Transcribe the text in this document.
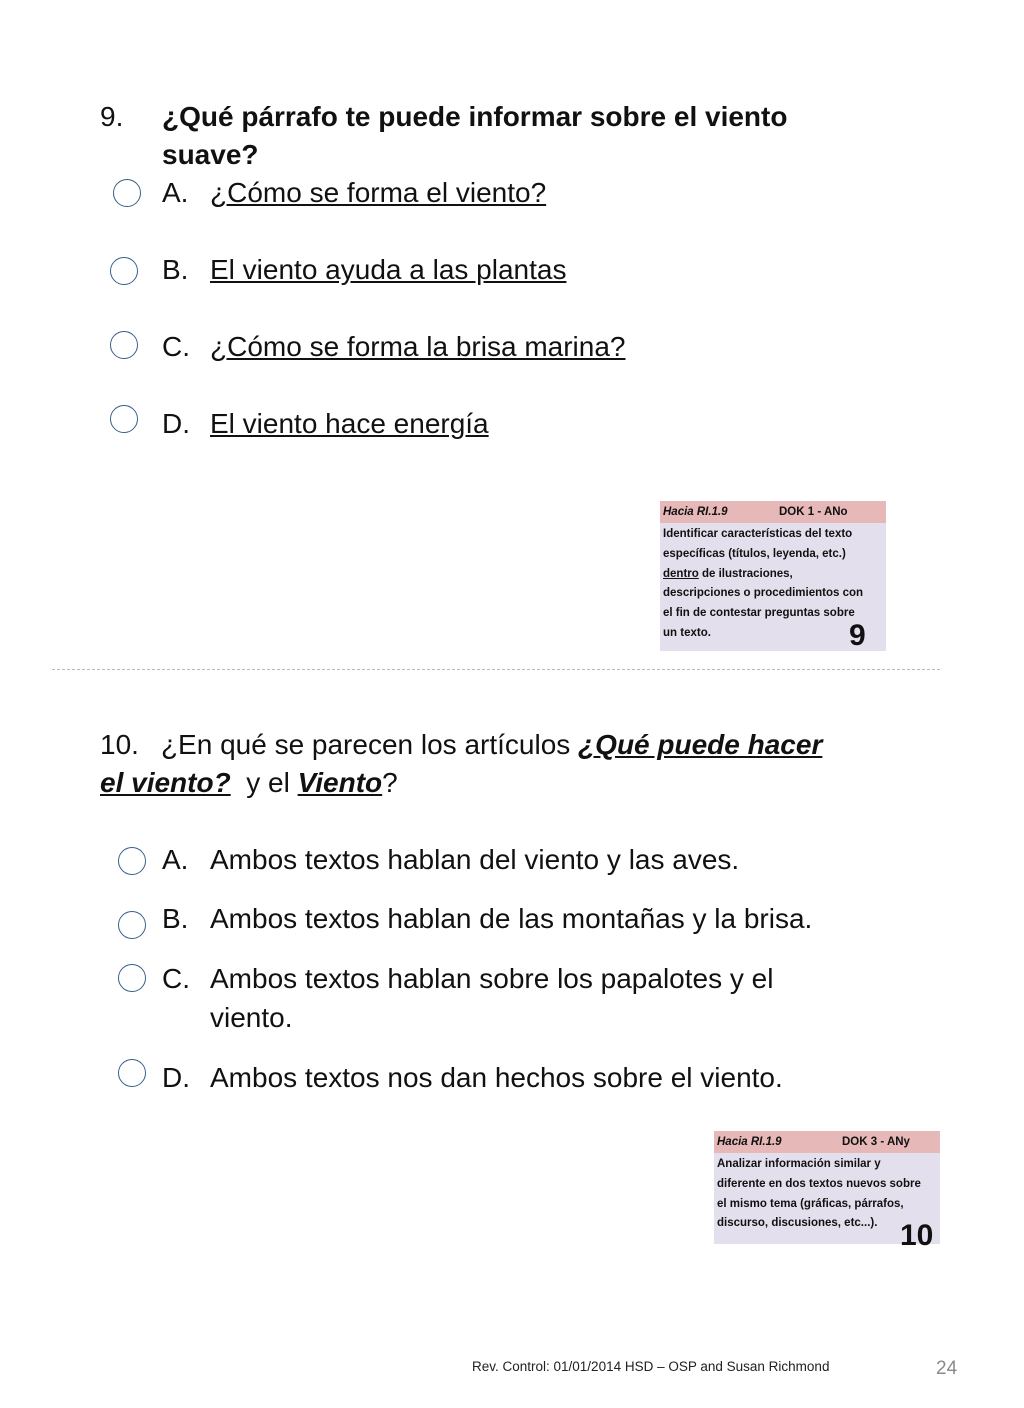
9. ¿Qué párrafo te puede informar sobre el viento
suave?
A. ¿Cómo se forma el viento?
B. El viento ayuda a las plantas
C. ¿Cómo se forma la brisa marina?
D. El viento hace energía
Hacia RI.1.9	DOK 1 - ANo
Identificar características del texto
específicas (títulos, leyenda, etc.)
dentro de ilustraciones,
descripciones o procedimientos con
el fin de contestar preguntas sobre
un texto.	9
10. ¿En qué se parecen los artículos ¿Qué puede hacer
el viento?  y el Viento?
A. Ambos textos hablan del viento y las aves.
B. Ambos textos hablan de las montañas y la brisa.
C. Ambos textos hablan sobre los papalotes y el
viento.
D. Ambos textos nos dan hechos sobre el viento.
Hacia RI.1.9	DOK 3 - ANy
Analizar información similar y
diferente en dos textos nuevos sobre
el mismo tema (gráficas, párrafos,
discurso, discusiones, etc...). 10
Rev. Control: 01/01/2014 HSD – OSP and Susan Richmond	24
